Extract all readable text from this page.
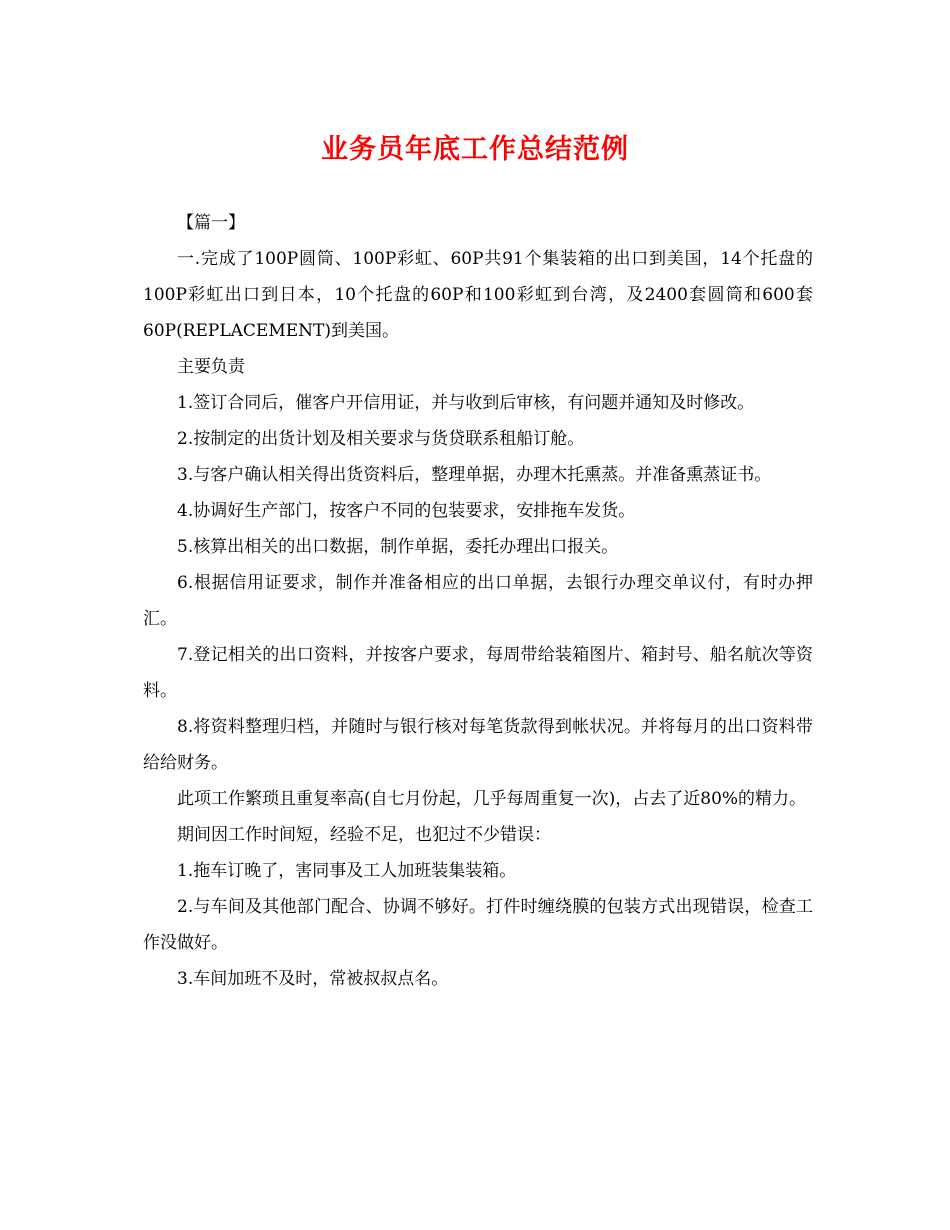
业务员年底工作总结范例

【篇一】

一.完成了100P圆筒、100P彩虹、60P共91个集装箱的出口到美国，14个托盘的100P彩虹出口到日本，10个托盘的60P和100彩虹到台湾，及2400套圆筒和600套60P(REPLACEMENT)到美国。

主要负责

1.签订合同后，催客户开信用证，并与收到后审核，有问题并通知及时修改。

2.按制定的出货计划及相关要求与货贷联系租船订舱。

3.与客户确认相关得出货资料后，整理单据，办理木托熏蒸。并准备熏蒸证书。

4.协调好生产部门，按客户不同的包装要求，安排拖车发货。

5.核算出相关的出口数据，制作单据，委托办理出口报关。

6.根据信用证要求，制作并准备相应的出口单据，去银行办理交单议付，有时办押汇。

7.登记相关的出口资料，并按客户要求，每周带给装箱图片、箱封号、船名航次等资料。

8.将资料整理归档，并随时与银行核对每笔货款得到帐状况。并将每月的出口资料带给给财务。

此项工作繁琐且重复率高(自七月份起，几乎每周重复一次)，占去了近80%的精力。

期间因工作时间短，经验不足，也犯过不少错误：

1.拖车订晚了，害同事及工人加班装集装箱。

2.与车间及其他部门配合、协调不够好。打件时缠绕膜的包装方式出现错误，检查工作没做好。

3.车间加班不及时，常被叔叔点名。
